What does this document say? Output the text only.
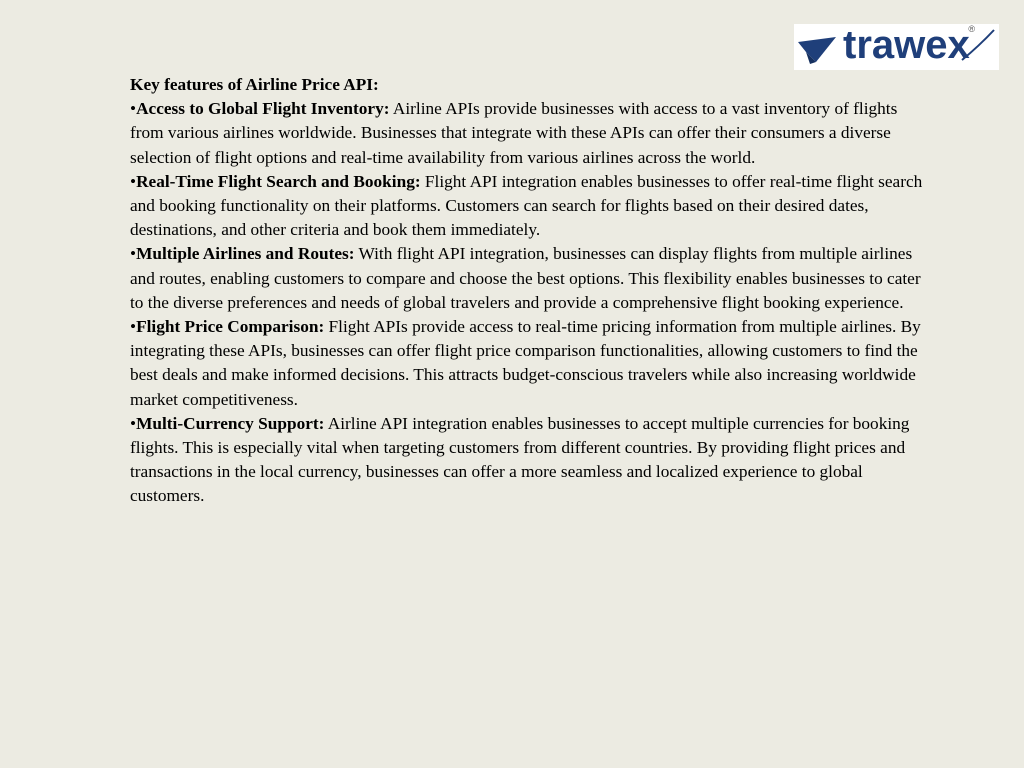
trawex
®

Key features of Airline Price API:

•Access to Global Flight Inventory: Airline APIs provide businesses with access to a vast inventory of flights from various airlines worldwide. Businesses that integrate with these APIs can offer their consumers a diverse selection of flight options and real-time availability from various airlines across the world.

•Real-Time Flight Search and Booking: Flight API integration enables businesses to offer real-time flight search and booking functionality on their platforms. Customers can search for flights based on their desired dates, destinations, and other criteria and book them immediately.

•Multiple Airlines and Routes: With flight API integration, businesses can display flights from multiple airlines and routes, enabling customers to compare and choose the best options. This flexibility enables businesses to cater to the diverse preferences and needs of global travelers and provide a comprehensive flight booking experience.

•Flight Price Comparison: Flight APIs provide access to real-time pricing information from multiple airlines. By integrating these APIs, businesses can offer flight price comparison functionalities, allowing customers to find the best deals and make informed decisions. This attracts budget-conscious travelers while also increasing worldwide market competitiveness.

•Multi-Currency Support: Airline API integration enables businesses to accept multiple currencies for booking flights. This is especially vital when targeting customers from different countries. By providing flight prices and transactions in the local currency, businesses can offer a more seamless and localized experience to global customers.
